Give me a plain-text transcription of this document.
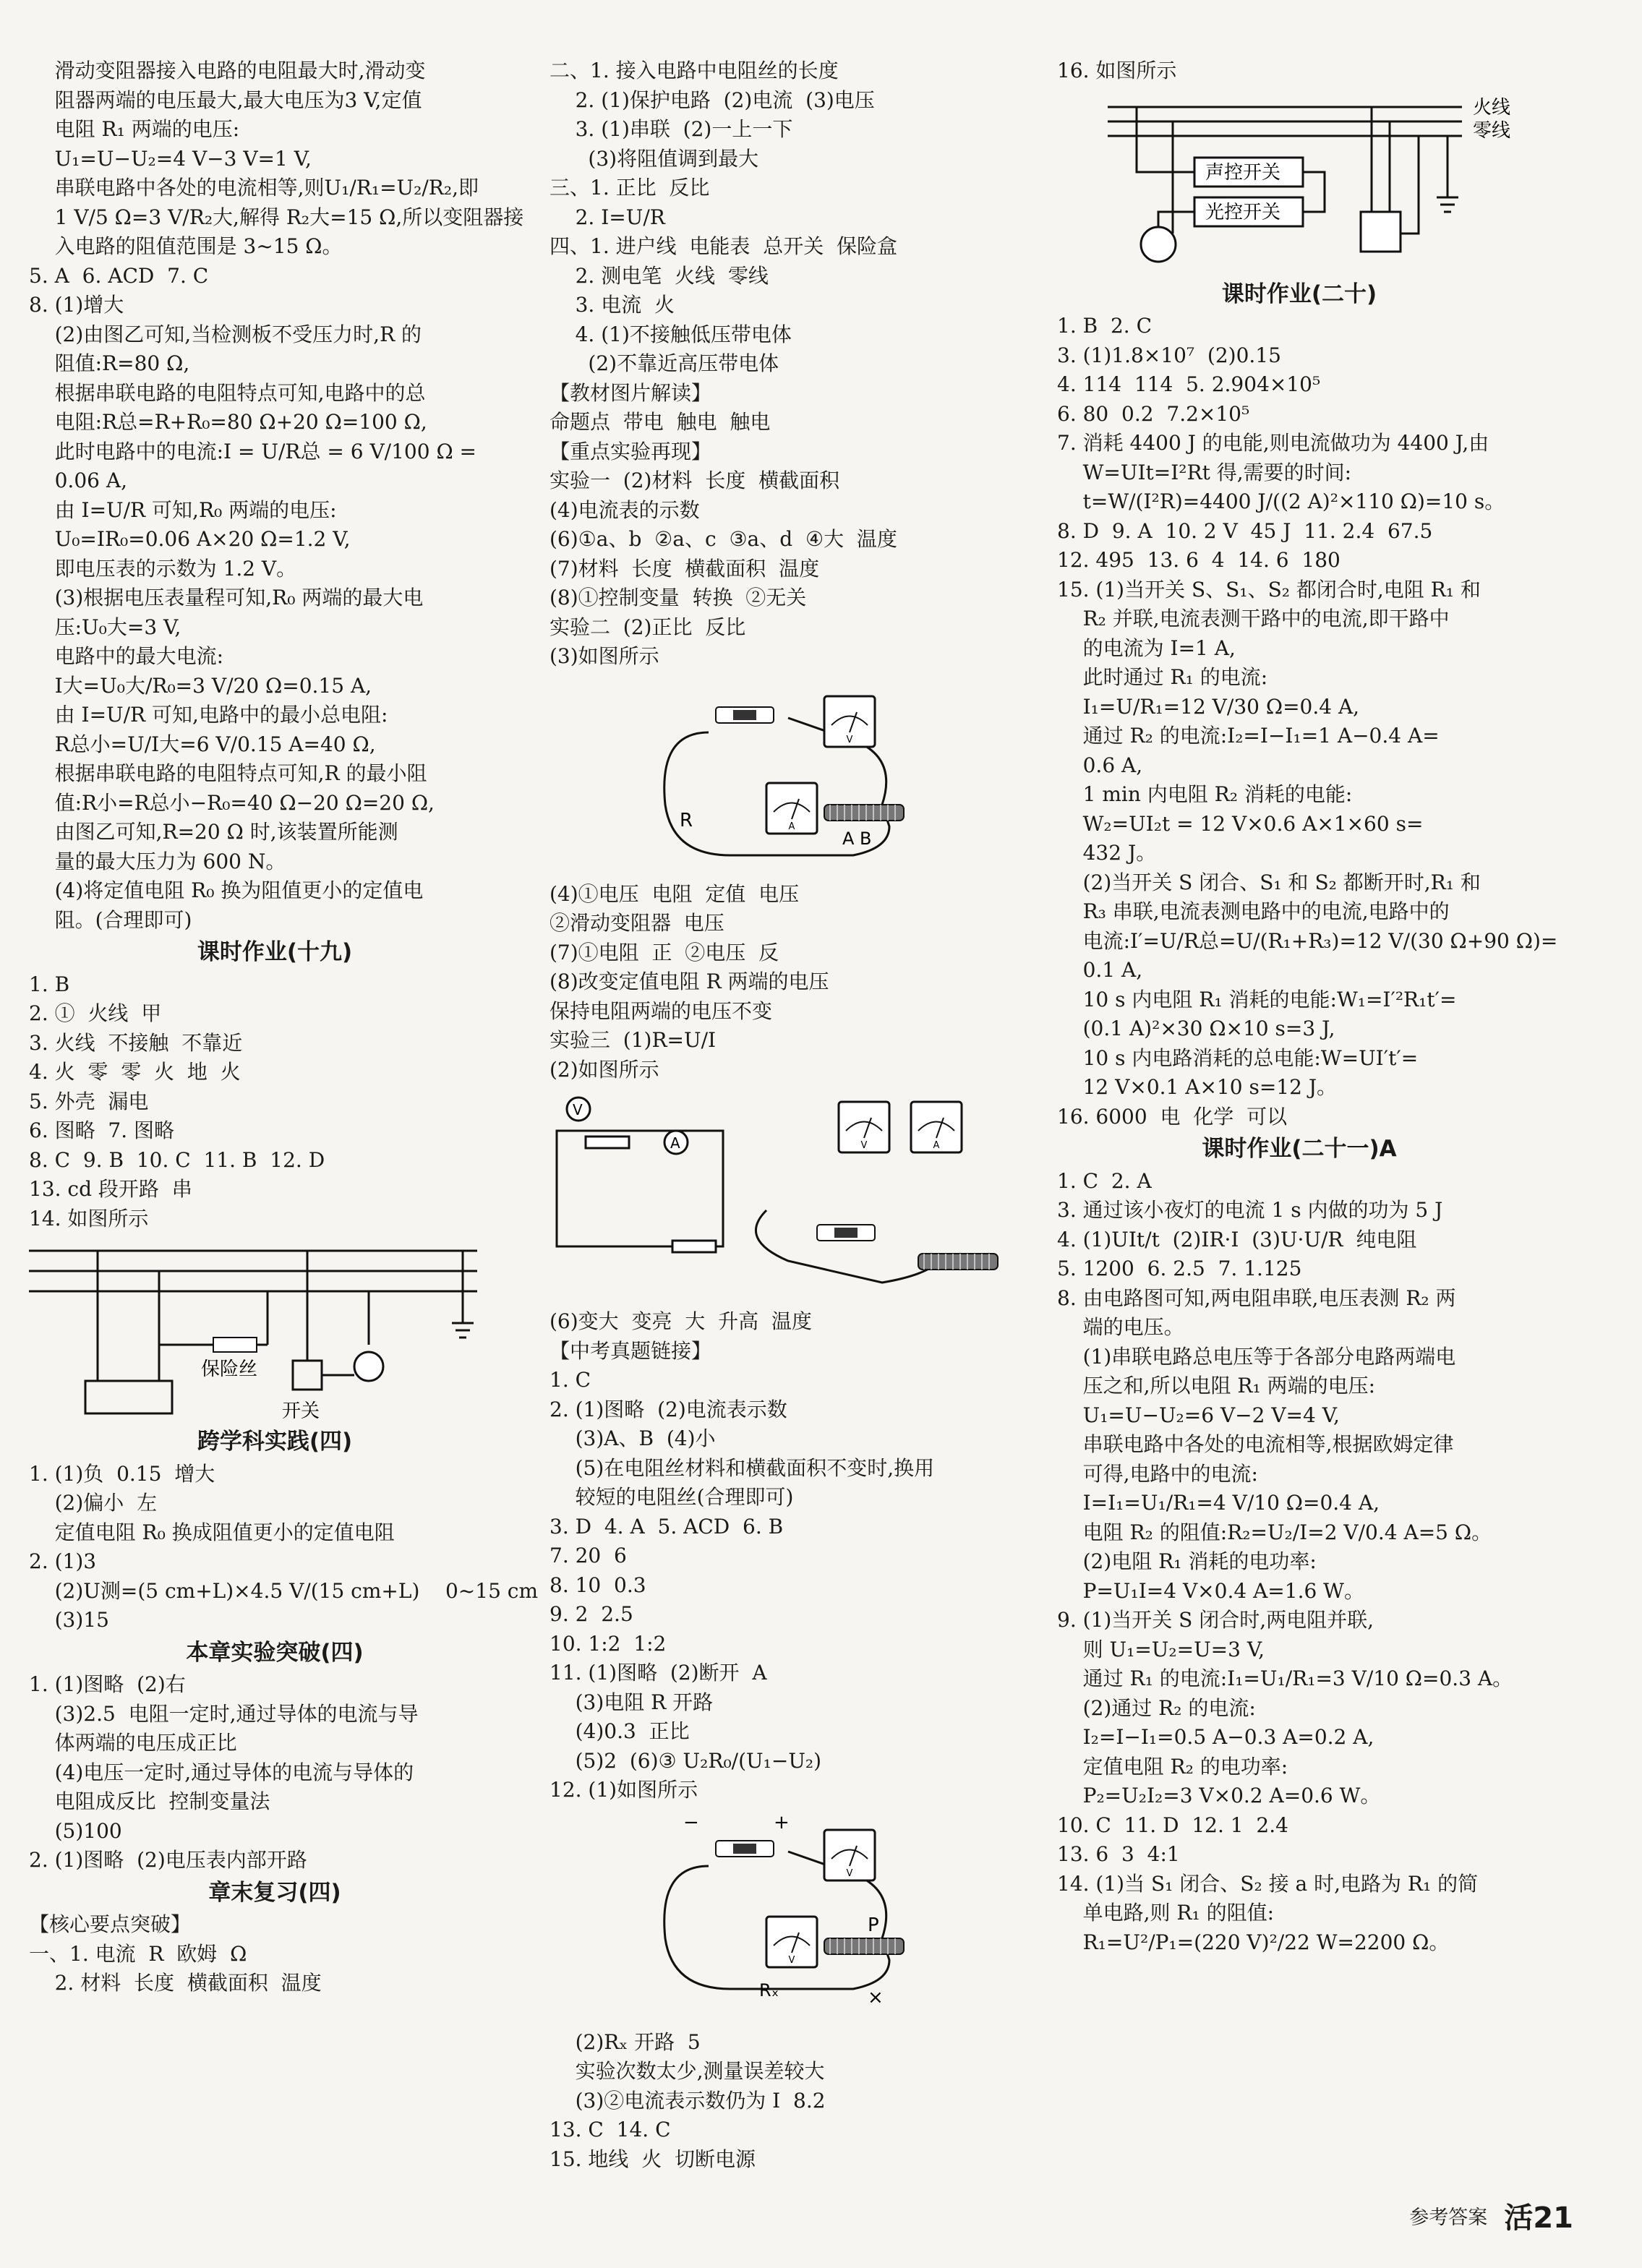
滑动变阻器接入电路的电阻最大时,滑动变
阻器两端的电压最大,最大电压为3 V,定值
电阻 R₁ 两端的电压:
U₁=U−U₂=4 V−3 V=1 V,
串联电路中各处的电流相等,则U₁/R₁=U₂/R₂,即
1 V/5 Ω=3 V/R₂大,解得 R₂大=15 Ω,所以变阻器接
入电路的阻值范围是 3~15 Ω。
5. A  6. ACD  7. C
8. (1)增大
(2)由图乙可知,当检测板不受压力时,R 的
阻值:R=80 Ω,
根据串联电路的电阻特点可知,电路中的总
电阻:R总=R+R₀=80 Ω+20 Ω=100 Ω,
此时电路中的电流:I = U/R总 = 6 V/100 Ω =
0.06 A,
由 I=U/R 可知,R₀ 两端的电压:
U₀=IR₀=0.06 A×20 Ω=1.2 V,
即电压表的示数为 1.2 V。
(3)根据电压表量程可知,R₀ 两端的最大电
压:U₀大=3 V,
电路中的最大电流:
I大=U₀大/R₀=3 V/20 Ω=0.15 A,
由 I=U/R 可知,电路中的最小总电阻:
R总小=U/I大=6 V/0.15 A=40 Ω,
根据串联电路的电阻特点可知,R 的最小阻
值:R小=R总小−R₀=40 Ω−20 Ω=20 Ω,
由图乙可知,R=20 Ω 时,该装置所能测
量的最大压力为 600 N。
(4)将定值电阻 R₀ 换为阻值更小的定值电
阻。(合理即可)
课时作业(十九)
1. B
2. ①  火线  甲
3. 火线  不接触  不靠近
4. 火  零  零  火  地  火
5. 外壳  漏电
6. 图略  7. 图略
8. C  9. B  10. C  11. B  12. D
13. cd 段开路  串
14. 如图所示
保险丝
开关
跨学科实践(四)
1. (1)负  0.15  增大
(2)偏小  左
定值电阻 R₀ 换成阻值更小的定值电阻
2. (1)3
(2)U测=(5 cm+L)×4.5 V/(15 cm+L)    0~15 cm
(3)15
本章实验突破(四)
1. (1)图略  (2)右
(3)2.5  电阻一定时,通过导体的电流与导
体两端的电压成正比
(4)电压一定时,通过导体的电流与导体的
电阻成反比  控制变量法
(5)100
2. (1)图略  (2)电压表内部开路
章末复习(四)
【核心要点突破】
一、1. 电流  R  欧姆  Ω
2. 材料  长度  横截面积  温度
二、1. 接入电路中电阻丝的长度
2. (1)保护电路  (2)电流  (3)电压
3. (1)串联  (2)一上一下
(3)将阻值调到最大
三、1. 正比  反比
2. I=U/R
四、1. 进户线  电能表  总开关  保险盒
2. 测电笔  火线  零线
3. 电流  火
4. (1)不接触低压带电体
(2)不靠近高压带电体
【教材图片解读】
命题点  带电  触电  触电
【重点实验再现】
实验一  (2)材料  长度  横截面积
(4)电流表的示数
(6)①a、b  ②a、c  ③a、d  ④大  温度
(7)材料  长度  横截面积  温度
(8)①控制变量  转换  ②无关
实验二  (2)正比  反比
(3)如图所示
V
A
R
A B
(4)①电压  电阻  定值  电压
②滑动变阻器  电压
(7)①电阻  正  ②电压  反
(8)改变定值电阻 R 两端的电压
保持电阻两端的电压不变
实验三  (1)R=U/I
(2)如图所示
V
A	V	A
(6)变大  变亮  大  升高  温度
【中考真题链接】
1. C
2. (1)图略  (2)电流表示数
(3)A、B  (4)小
(5)在电阻丝材料和横截面积不变时,换用
较短的电阻丝(合理即可)
3. D  4. A  5. ACD  6. B
7. 20  6
8. 10  0.3
9. 2  2.5
10. 1:2  1:2
11. (1)图略  (2)断开  A
(3)电阻 R 开路
(4)0.3  正比
(5)2  (6)③ U₂R₀/(U₁−U₂)
12. (1)如图所示
V
V
−	+
P
Rₓ	×
(2)Rₓ 开路  5
实验次数太少,测量误差较大
(3)②电流表示数仍为 I  8.2
13. C  14. C
15. 地线  火  切断电源
16. 如图所示
火线
零线
声控开关
光控开关
课时作业(二十)
1. B  2. C
3. (1)1.8×10⁷  (2)0.15
4. 114  114  5. 2.904×10⁵
6. 80  0.2  7.2×10⁵
7. 消耗 4400 J 的电能,则电流做功为 4400 J,由
W=UIt=I²Rt 得,需要的时间:
t=W/(I²R)=4400 J/((2 A)²×110 Ω)=10 s。
8. D  9. A  10. 2 V  45 J  11. 2.4  67.5
12. 495  13. 6  4  14. 6  180
15. (1)当开关 S、S₁、S₂ 都闭合时,电阻 R₁ 和
R₂ 并联,电流表测干路中的电流,即干路中
的电流为 I=1 A,
此时通过 R₁ 的电流:
I₁=U/R₁=12 V/30 Ω=0.4 A,
通过 R₂ 的电流:I₂=I−I₁=1 A−0.4 A=
0.6 A,
1 min 内电阻 R₂ 消耗的电能:
W₂=UI₂t = 12 V×0.6 A×1×60 s=
432 J。
(2)当开关 S 闭合、S₁ 和 S₂ 都断开时,R₁ 和
R₃ 串联,电流表测电路中的电流,电路中的
电流:I′=U/R总=U/(R₁+R₃)=12 V/(30 Ω+90 Ω)=
0.1 A,
10 s 内电阻 R₁ 消耗的电能:W₁=I′²R₁t′=
(0.1 A)²×30 Ω×10 s=3 J,
10 s 内电路消耗的总电能:W=UI′t′=
12 V×0.1 A×10 s=12 J。
16. 6000  电  化学  可以
课时作业(二十一)A
1. C  2. A
3. 通过该小夜灯的电流 1 s 内做的功为 5 J
4. (1)UIt/t  (2)IR·I  (3)U·U/R  纯电阻
5. 1200  6. 2.5  7. 1.125
8. 由电路图可知,两电阻串联,电压表测 R₂ 两
端的电压。
(1)串联电路总电压等于各部分电路两端电
压之和,所以电阻 R₁ 两端的电压:
U₁=U−U₂=6 V−2 V=4 V,
串联电路中各处的电流相等,根据欧姆定律
可得,电路中的电流:
I=I₁=U₁/R₁=4 V/10 Ω=0.4 A,
电阻 R₂ 的阻值:R₂=U₂/I=2 V/0.4 A=5 Ω。
(2)电阻 R₁ 消耗的电功率:
P=U₁I=4 V×0.4 A=1.6 W。
9. (1)当开关 S 闭合时,两电阻并联,
则 U₁=U₂=U=3 V,
通过 R₁ 的电流:I₁=U₁/R₁=3 V/10 Ω=0.3 A。
(2)通过 R₂ 的电流:
I₂=I−I₁=0.5 A−0.3 A=0.2 A,
定值电阻 R₂ 的电功率:
P₂=U₂I₂=3 V×0.2 A=0.6 W。
10. C  11. D  12. 1  2.4
13. 6  3  4:1
14. (1)当 S₁ 闭合、S₂ 接 a 时,电路为 R₁ 的简
单电路,则 R₁ 的阻值:
R₁=U²/P₁=(220 V)²/22 W=2200 Ω。
参考答案 活21
